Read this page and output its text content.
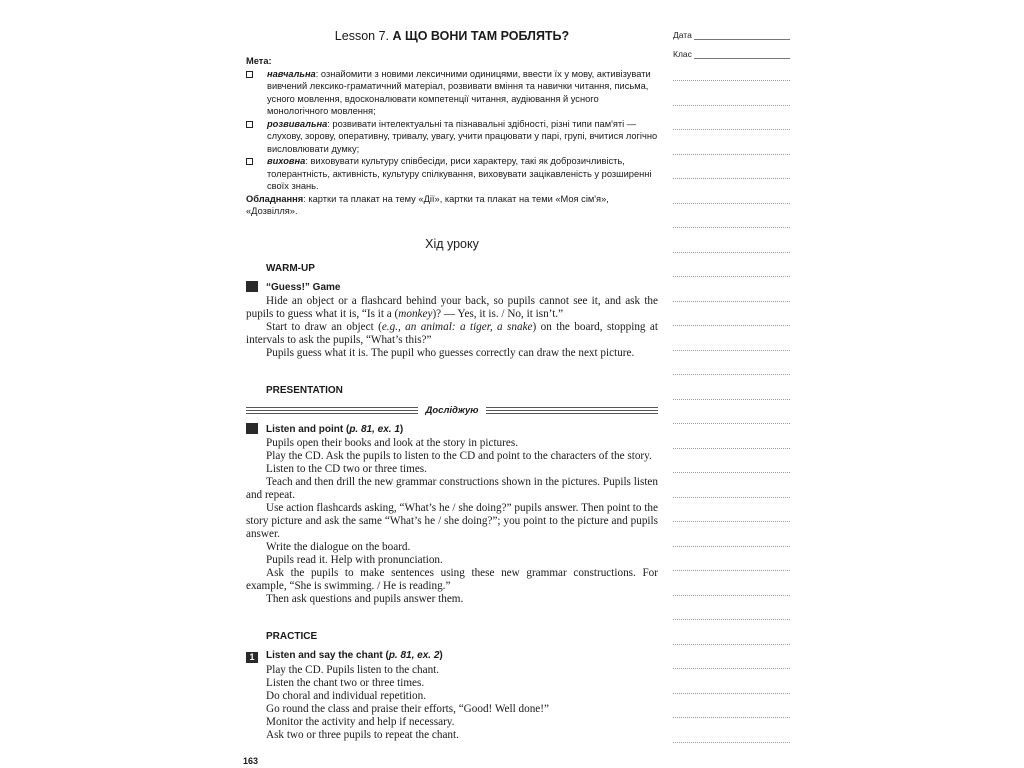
Lesson 7. А ЩО ВОНИ ТАМ РОБЛЯТЬ?
Мета:
навчальна: ознайомити з новими лексичними одиницями, ввести їх у мову, активізувати вивчений лексико-граматичний матеріал, розвивати вміння та навички читання, письма, усного мовлення, вдосконалювати компетенції читання, аудіювання й усного монологічного мовлення;
розвивальна: розвивати інтелектуальні та пізнавальні здібності, різні типи пам'яті — слухову, зорову, оперативну, тривалу, увагу, учити працювати у парі, групі, вчитися логічно висловлювати думку;
виховна: виховувати культуру співбесіди, риси характеру, такі як доброзичливість, толерантність, активність, культуру спілкування, виховувати зацікавленість у розширенні своїх знань.
Обладнання: картки та плакат на тему «Дії», картки та плакат на теми «Моя сім'я», «Дозвілля».
Хід уроку
WARM-UP
“Guess!” Game

Hide an object or a flashcard behind your back, so pupils cannot see it, and ask the pupils to guess what it is, “Is it a (monkey)? — Yes, it is. / No, it isn’t.”

Start to draw an object (e.g., an animal: a tiger, a snake) on the board, stopping at intervals to ask the pupils, “What’s this?”

Pupils guess what it is. The pupil who guesses correctly can draw the next picture.

PRESENTATION
Досліджую
Listen and point (p. 81, ex. 1)

Pupils open their books and look at the story in pictures.

Play the CD. Ask the pupils to listen to the CD and point to the characters of the story.

Listen to the CD two or three times.

Teach and then drill the new grammar constructions shown in the pictures. Pupils listen and repeat.

Use action flashcards asking, “What’s he / she doing?” pupils answer. Then point to the story picture and ask the same “What’s he / she doing?”; you point to the picture and pupils answer.

Write the dialogue on the board.

Pupils read it. Help with pronunciation.

Ask the pupils to make sentences using these new grammar constructions. For example, “She is swimming. / He is reading.”

Then ask questions and pupils answer them.

PRACTICE
1 Listen and say the chant (p. 81, ex. 2)

Play the CD. Pupils listen to the chant.

Listen the chant two or three times.

Do choral and individual repetition.

Go round the class and praise their efforts, “Good! Well done!”

Monitor the activity and help if necessary.

Ask two or three pupils to repeat the chant.

Дата
Клас
163
